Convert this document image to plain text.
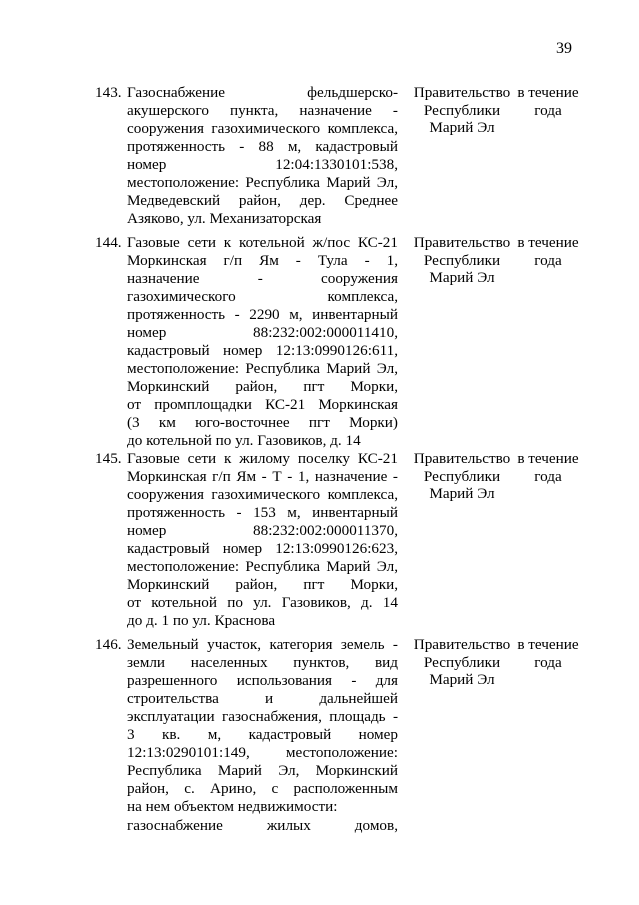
39
143. Газоснабжение фельдшерско-
акушерского пункта, назначение -
сооружения газохимического комплекса,
протяженность - 88 м, кадастровый
номер 12:04:1330101:538,
местоположение: Республика Марий Эл,
Медведевский район, дер. Среднее
Азяково, ул. Механизаторская
Правительство
Республики
Марий Эл
в течение
года
144. Газовые сети к котельной ж/пос КС-21
Моркинская г/п Ям - Тула - 1,
назначение - сооружения
газохимического комплекса,
протяженность - 2290 м, инвентарный
номер 88:232:002:000011410,
кадастровый номер 12:13:0990126:611,
местоположение: Республика Марий Эл,
Моркинский район, пгт Морки,
от промплощадки КС-21 Моркинская
(3 км юго-восточнее пгт Морки)
до котельной по ул. Газовиков, д. 14
Правительство
Республики
Марий Эл
в течение
года
145. Газовые сети к жилому поселку КС-21
Моркинская г/п Ям - Т - 1, назначение -
сооружения газохимического комплекса,
протяженность - 153 м, инвентарный
номер 88:232:002:000011370,
кадастровый номер 12:13:0990126:623,
местоположение: Республика Марий Эл,
Моркинский район, пгт Морки,
от котельной по ул. Газовиков, д. 14
до д. 1 по ул. Краснова
Правительство
Республики
Марий Эл
в течение
года
146. Земельный участок, категория земель -
земли населенных пунктов, вид
разрешенного использования - для
строительства и дальнейшей
эксплуатации газоснабжения, площадь -
3 кв. м, кадастровый номер
12:13:0290101:149, местоположение:
Республика Марий Эл, Моркинский
район, с. Арино, с расположенным
на нем объектом недвижимости:
Правительство
Республики
Марий Эл
в течение
года
газоснабжение жилых домов,
